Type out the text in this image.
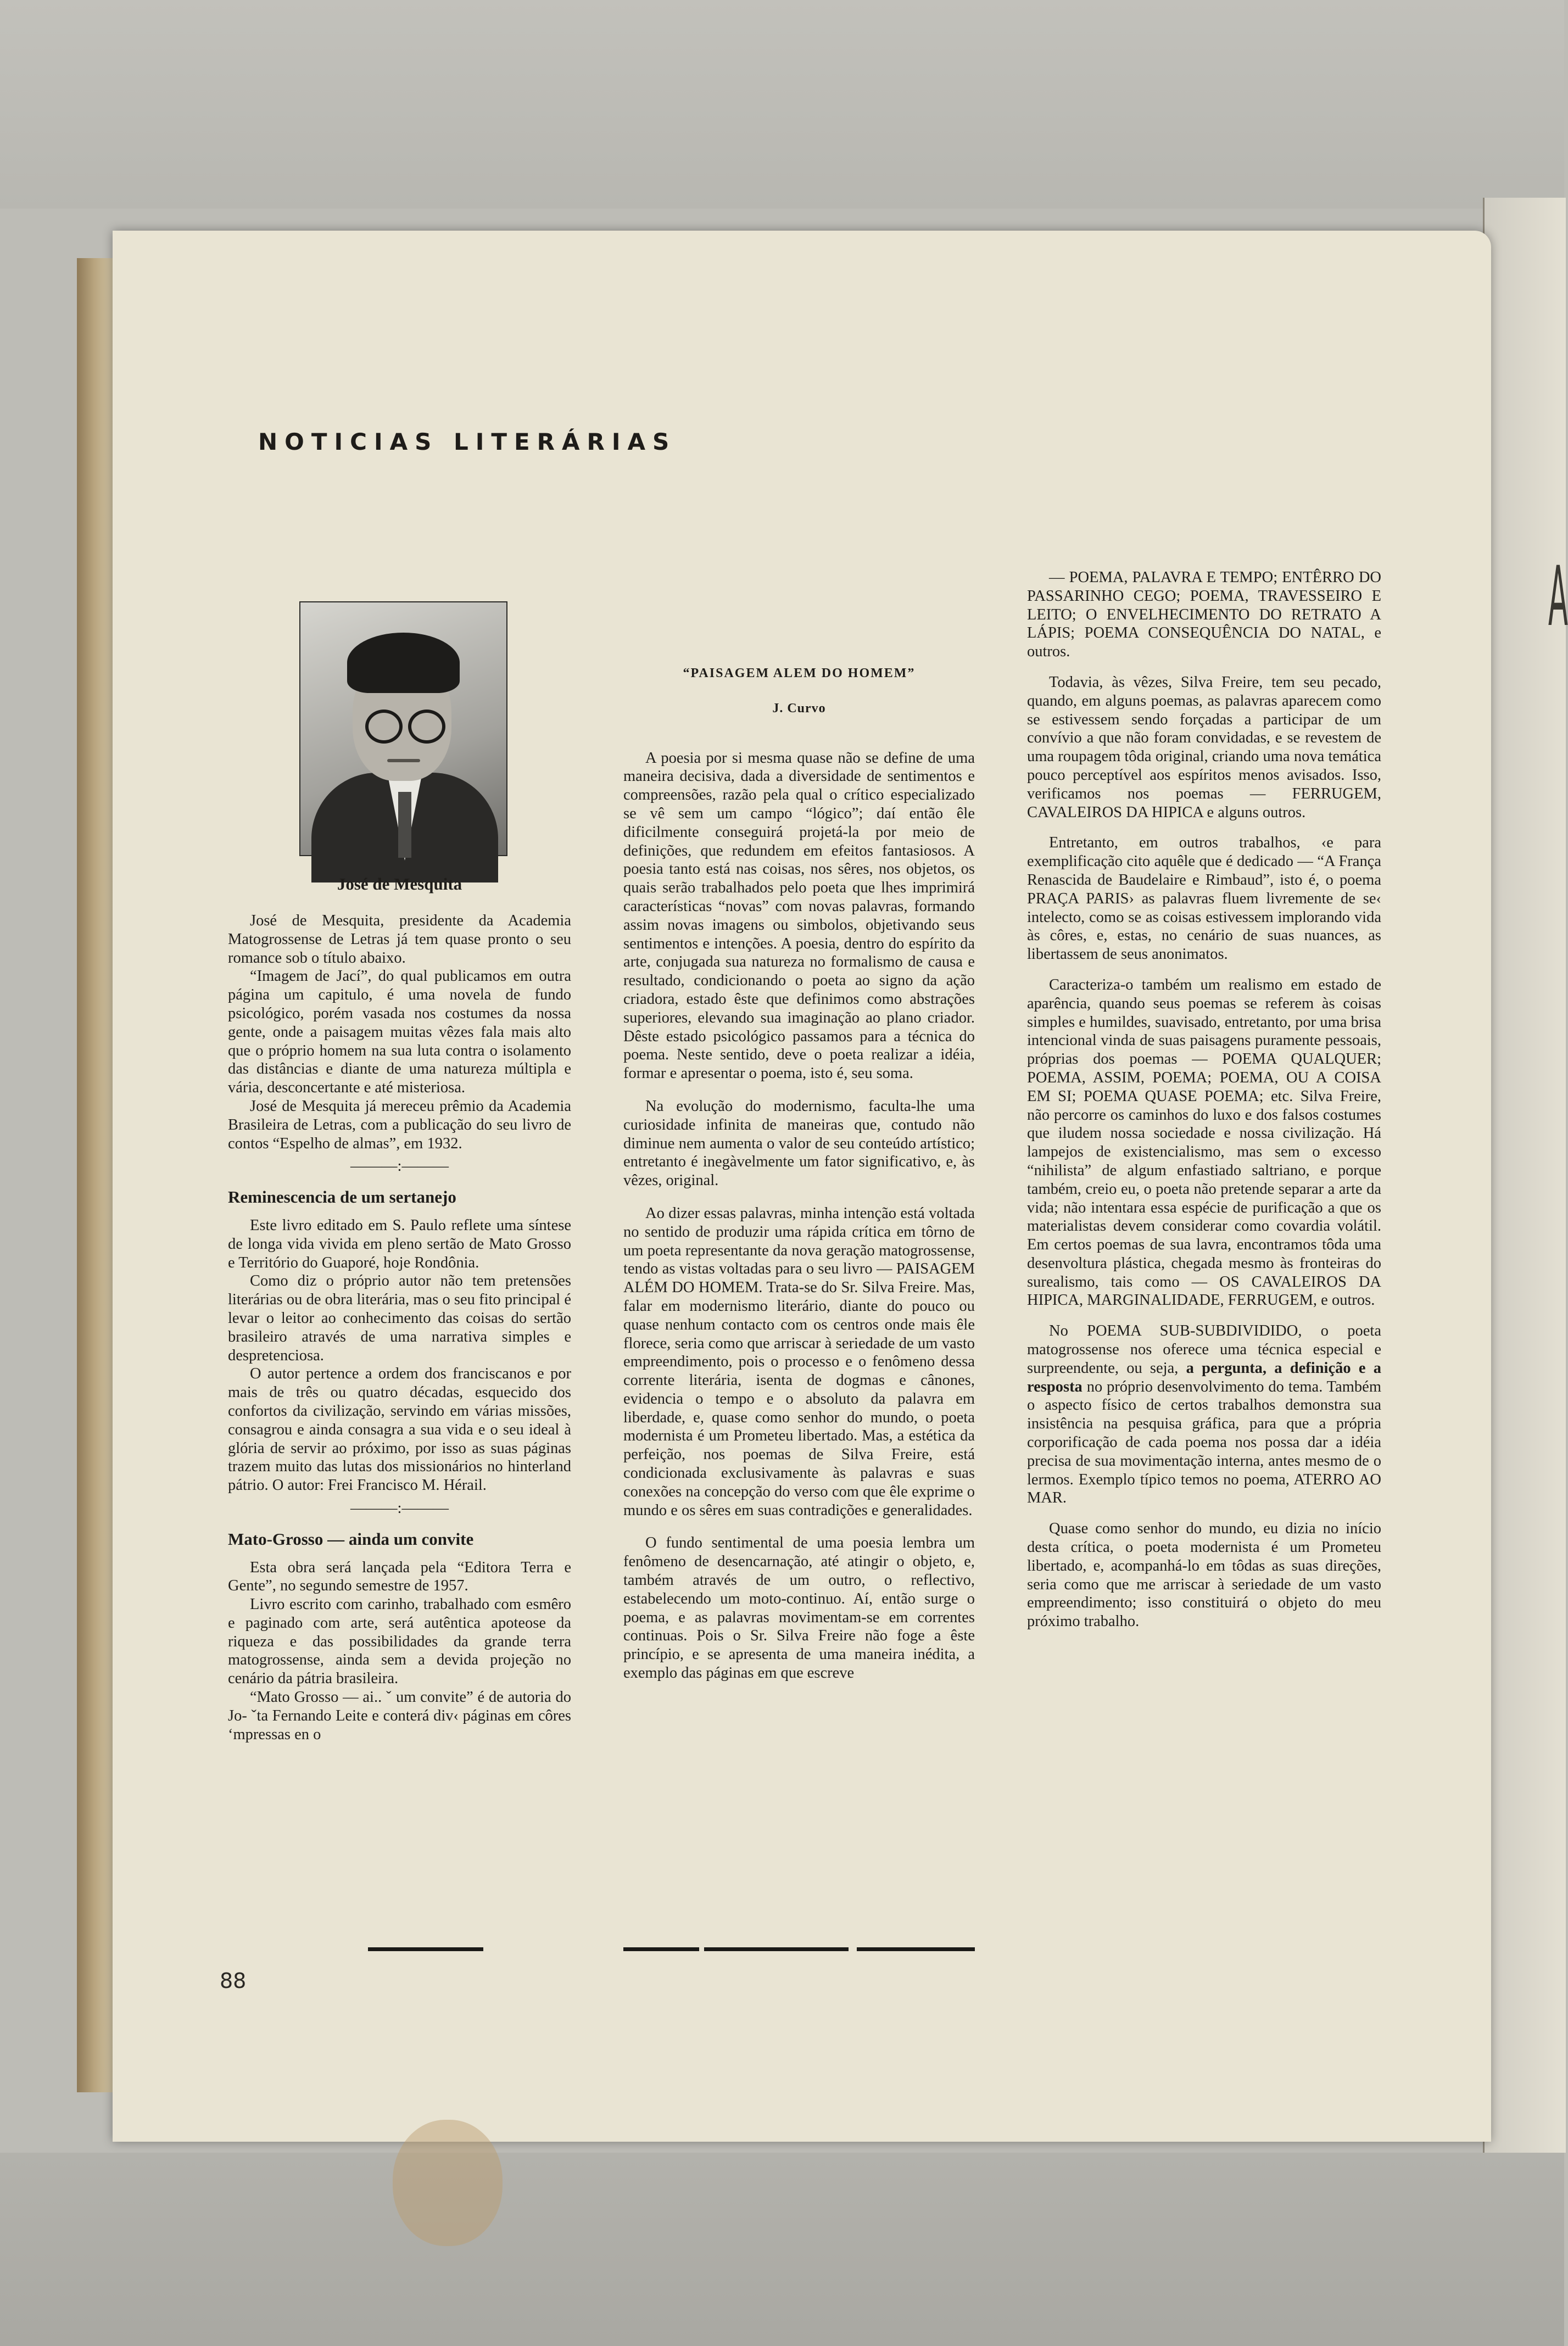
A
NOTICIAS LITERÁRIAS
José de Mesquita

José de Mesquita, presidente da Academia Matogrossense de Letras já tem quase pronto o seu romance sob o título abaixo.

“Imagem de Jací”, do qual publicamos em outra página um capitulo, é uma novela de fundo psicológico, porém vasada nos costumes da nossa gente, onde a paisagem muitas vêzes fala mais alto que o próprio homem na sua luta contra o isolamento das distâncias e diante de uma natureza múltipla e vária, desconcertante e até misteriosa.

José de Mesquita já mereceu prêmio da Academia Brasileira de Letras, com a publicação do seu livro de contos “Espelho de almas”, em 1932.

———:———

Reminescencia de um sertanejo

Este livro editado em S. Paulo reflete uma síntese de longa vida vivida em pleno sertão de Mato Grosso e Território do Guaporé, hoje Rondônia.

Como diz o próprio autor não tem pretensões literárias ou de obra literária, mas o seu fito principal é levar o leitor ao conhecimento das coisas do sertão brasileiro através de uma narrativa simples e despretenciosa.

O autor pertence a ordem dos franciscanos e por mais de três ou quatro décadas, esquecido dos confortos da civilização, servindo em várias missões, consagrou e ainda consagra a sua vida e o seu ideal à glória de servir ao próximo, por isso as suas páginas trazem muito das lutas dos missionários no hinterland pátrio. O autor: Frei Francisco M. Hérail.

———:———

Mato-Grosso — ainda um convite

Esta obra será lançada pela “Editora Terra e Gente”, no segundo semestre de 1957.

Livro escrito com carinho, trabalhado com esmêro e paginado com arte, será autêntica apoteose da riqueza e das possibilidades da grande terra matogrossense, ainda sem a devida projeção no cenário da pátria brasileira.

“Mato Grosso — ai.. ˇ um convite” é de autoria do Jo‑ ˇta Fernando Leite e conterá div‹ páginas em côres ‘mpressas en o

“PAISAGEM ALEM DO HOMEM”

J. Curvo

A poesia por si mesma quase não se define de uma maneira decisiva, dada a diversidade de sentimentos e compreensões, razão pela qual o crítico especializado se vê sem um campo “lógico”; daí então êle dificilmente conseguirá projetá-la por meio de definições, que redundem em efeitos fantasiosos. A poesia tanto está nas coisas, nos sêres, nos objetos, os quais serão trabalhados pelo poeta que lhes imprimirá características “novas” com novas palavras, formando assim novas imagens ou simbolos, objetivando seus sentimentos e intenções. A poesia, dentro do espírito da arte, conjugada sua natureza no formalismo de causa e resultado, condicionando o poeta ao signo da ação criadora, estado êste que definimos como abstrações superiores, elevando sua imaginação ao plano criador. Dêste estado psicológico passamos para a técnica do poema. Neste sentido, deve o poeta realizar a idéia, formar e apresentar o poema, isto é, seu soma.

Na evolução do modernismo, faculta-lhe uma curiosidade infinita de maneiras que, contudo não diminue nem aumenta o valor de seu conteúdo artístico; entretanto é inegàvelmente um fator significativo, e, às vêzes, original.

Ao dizer essas palavras, minha intenção está voltada no sentido de produzir uma rápida crítica em tôrno de um poeta representante da nova geração matogrossense, tendo as vistas voltadas para o seu livro — PAISAGEM ALÉM DO HOMEM. Trata-se do Sr. Silva Freire. Mas, falar em modernismo literário, diante do pouco ou quase nenhum contacto com os centros onde mais êle florece, seria como que arriscar à seriedade de um vasto empreendimento, pois o processo e o fenômeno dessa corrente literária, isenta de dogmas e cânones, evidencia o tempo e o absoluto da palavra em liberdade, e, quase como senhor do mundo, o poeta modernista é um Prometeu libertado. Mas, a estética da perfeição, nos poemas de Silva Freire, está condicionada exclusivamente às palavras e suas conexões na concepção do verso com que êle exprime o mundo e os sêres em suas contradições e generalidades.

O fundo sentimental de uma poesia lembra um fenômeno de desencarnação, até atingir o objeto, e, também através de um outro, o reflectivo, estabelecendo um moto-continuo. Aí, então surge o poema, e as palavras movimentam-se em correntes continuas. Pois o Sr. Silva Freire não foge a êste princípio, e se apresenta de uma maneira inédita, a exemplo das páginas em que escreve

— POEMA, PALAVRA E TEMPO; ENTÊRRO DO PASSARINHO CEGO; POEMA, TRAVESSEIRO E LEITO; O ENVELHECIMENTO DO RETRATO A LÁPIS; POEMA CONSEQUÊNCIA DO NATAL, e outros.

Todavia, às vêzes, Silva Freire, tem seu pecado, quando, em alguns poemas, as palavras aparecem como se estivessem sendo forçadas a participar de um convívio a que não foram convidadas, e se revestem de uma roupagem tôda original, criando uma nova temática pouco perceptível aos espíritos menos avisados. Isso, verificamos nos poemas — FERRUGEM, CAVALEIROS DA HIPICA e alguns outros.

Entretanto, em outros trabalhos, ‹e para exemplificação cito aquêle que é dedicado — “A França Renascida de Baudelaire e Rimbaud”, isto é, o poema PRAÇA PARIS› as palavras fluem livremente de se‹ intelecto, como se as coisas estivessem implorando vida às côres, e, estas, no cenário de suas nuances, as libertassem de seus anonimatos.

Caracteriza-o também um realismo em estado de aparência, quando seus poemas se referem às coisas simples e humildes, suavisado, entretanto, por uma brisa intencional vinda de suas paisagens puramente pessoais, próprias dos poemas — POEMA QUALQUER; POEMA, ASSIM, POEMA; POEMA, OU A COISA EM SI; POEMA QUASE POEMA; etc. Silva Freire, não percorre os caminhos do luxo e dos falsos costumes que iludem nossa sociedade e nossa civilização. Há lampejos de existencialismo, mas sem o excesso “nihilista” de algum enfastiado saltriano, e porque também, creio eu, o poeta não pretende separar a arte da vida; não intentara essa espécie de purificação a que os materialistas devem considerar como covardia volátil. Em certos poemas de sua lavra, encontramos tôda uma desenvoltura plástica, chegada mesmo às fronteiras do surealismo, tais como — OS CAVALEIROS DA HIPICA, MARGINALIDADE, FERRUGEM, e outros.

No POEMA SUB-SUBDIVIDIDO, o poeta matogrossense nos oferece uma técnica especial e surpreendente, ou seja, a pergunta, a definição e a resposta no próprio desenvolvimento do tema. Também o aspecto físico de certos trabalhos demonstra sua insistência na pesquisa gráfica, para que a própria corporificação de cada poema nos possa dar a idéia precisa de sua movimentação interna, antes mesmo de o lermos. Exemplo típico temos no poema, ATERRO AO MAR.

Quase como senhor do mundo, eu dizia no início desta crítica, o poeta modernista é um Prometeu libertado, e, acompanhá-lo em tôdas as suas direções, seria como que me arriscar à seriedade de um vasto empreendimento; isso constituirá o objeto do meu próximo trabalho.

88
